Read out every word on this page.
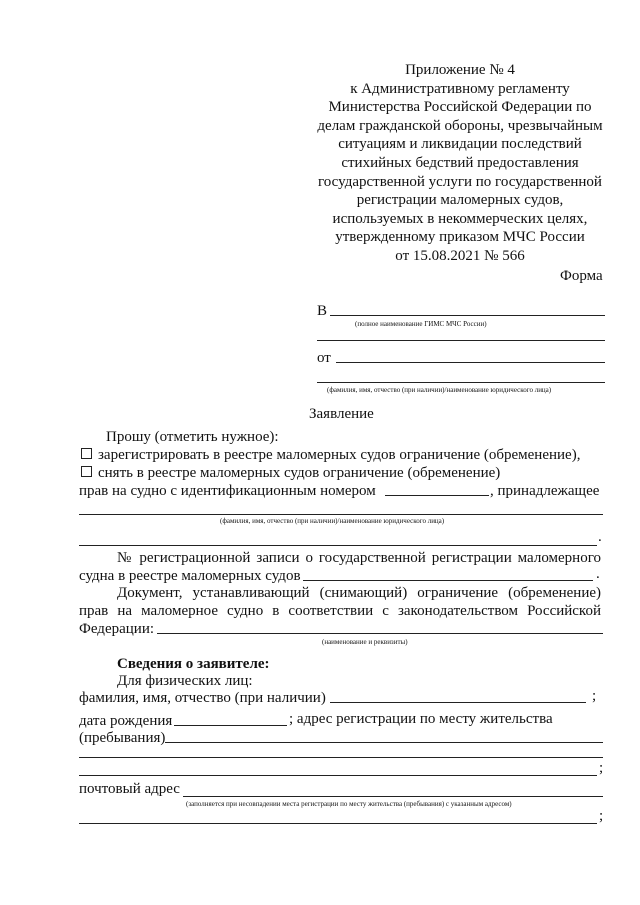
Приложение № 4
к Административному регламенту
Министерства Российской Федерации по
делам гражданской обороны, чрезвычайным
ситуациям и ликвидации последствий
стихийных бедствий предоставления
государственной услуги по государственной
регистрации маломерных судов,
используемых в некоммерческих целях,
утвержденному приказом МЧС России
от 15.08.2021 № 566
Форма
В
(полное наименование ГИМС МЧС России)
от
(фамилия, имя, отчество (при наличии)/наименование юридического лица)
Заявление
Прошу (отметить нужное):
зарегистрировать в реестре маломерных судов ограничение (обременение),
снять в реестре маломерных судов ограничение (обременение)
прав на судно с идентификационным номером	, принадлежащее
(фамилия, имя, отчество (при наличии)/наименование юридического лица)
.
№ регистрационной записи о государственной регистрации маломерного
судна в реестре маломерных судов	.
Документ, устанавливающий (снимающий) ограничение (обременение)
прав на маломерное судно в соответствии с законодательством Российской
Федерации:
(наименование и реквизиты)
Сведения о заявителе:
Для физических лиц:
фамилия, имя, отчество (при наличии)	;
дата рождения	; адрес регистрации по месту жительства
(пребывания)
;
почтовый адрес
(заполняется при несовпадении места регистрации по месту жительства (пребывания) с указанным адресом)
;
